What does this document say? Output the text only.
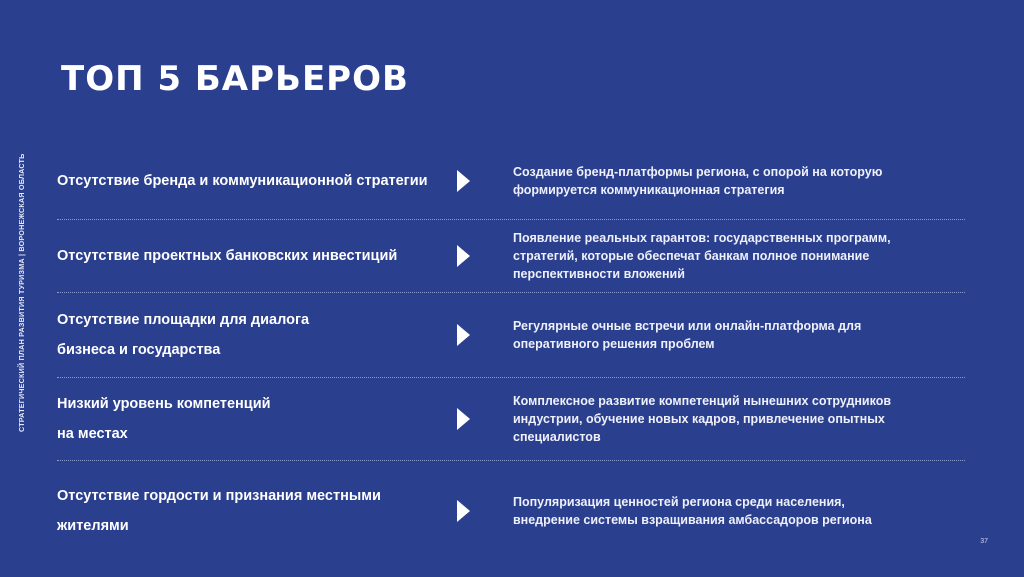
СТРАТЕГИЧЕСКИЙ ПЛАН РАЗВИТИЯ ТУРИЗМА | ВОРОНЕЖСКАЯ ОБЛАСТЬ
ТОП 5 БАРЬЕРОВ
Отсутствие бренда и коммуникационной стратегии
Создание бренд-платформы региона, с опорой на которую формируется коммуникационная стратегия
Отсутствие проектных банковских инвестиций
Появление реальных гарантов: государственных программ, стратегий, которые обеспечат банкам полное понимание перспективности вложений
Отсутствие площадки для диалога бизнеса и государства
Регулярные очные встречи или онлайн-платформа для оперативного решения проблем
Низкий уровень компетенций на местах
Комплексное развитие компетенций нынешних сотрудников индустрии, обучение новых кадров, привлечение опытных специалистов
Отсутствие гордости и признания местными жителями
Популяризация ценностей региона среди населения, внедрение системы взращивания амбассадоров региона
37
